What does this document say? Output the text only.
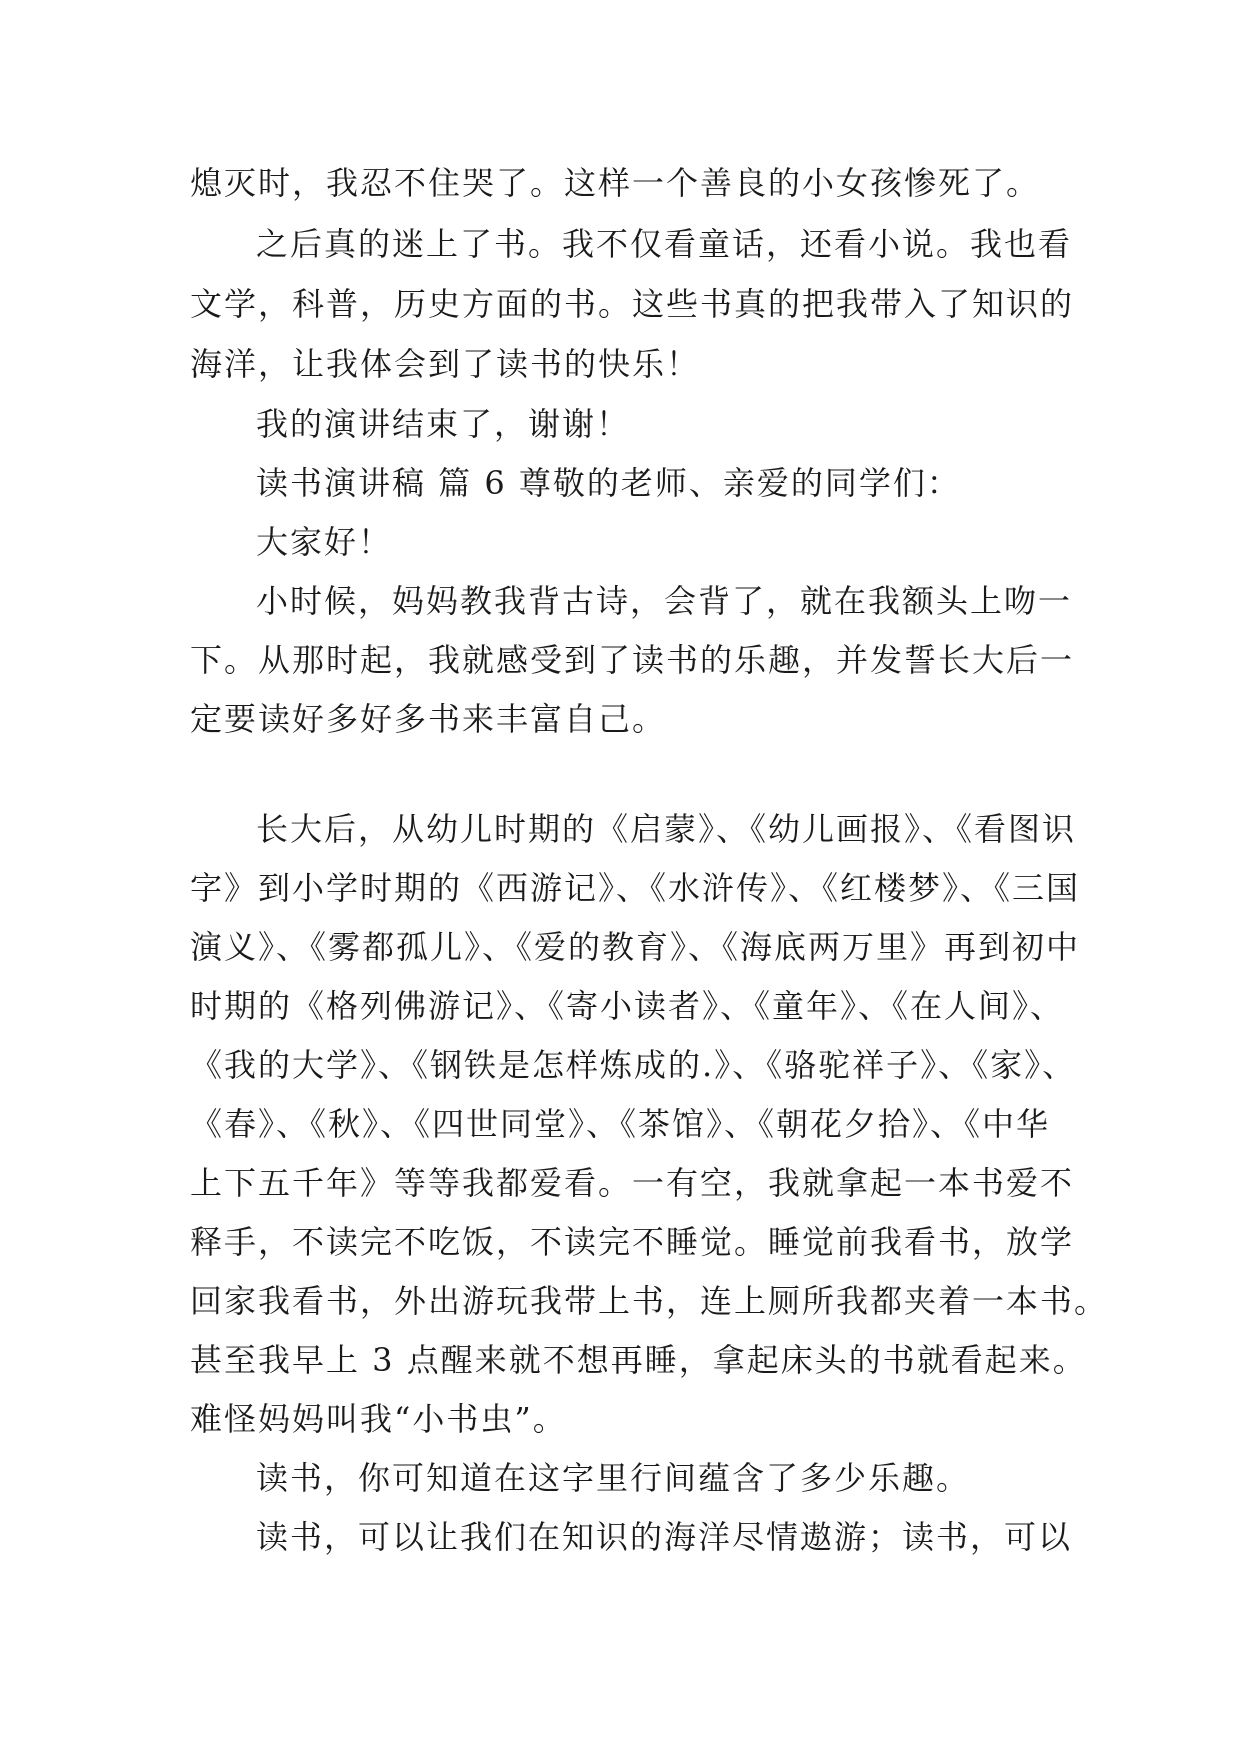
熄灭时，我忍不住哭了。这样一个善良的小女孩惨死了。
之后真的迷上了书。我不仅看童话，还看小说。我也看
文学，科普，历史方面的书。这些书真的把我带入了知识的
海洋，让我体会到了读书的快乐！
我的演讲结束了，谢谢！
读书演讲稿 篇 6 尊敬的老师、亲爱的同学们：
大家好！
小时候，妈妈教我背古诗，会背了，就在我额头上吻一
下。从那时起，我就感受到了读书的乐趣，并发誓长大后一
定要读好多好多书来丰富自己。
长大后，从幼儿时期的《启蒙》、《幼儿画报》、《看图识
字》到小学时期的《西游记》、《水浒传》、《红楼梦》、《三国
演义》、《雾都孤儿》、《爱的教育》、《海底两万里》再到初中
时期的《格列佛游记》、《寄小读者》、《童年》、《在人间》、
《我的大学》、《钢铁是怎样炼成的.》、《骆驼祥子》、《家》、
《春》、《秋》、《四世同堂》、《茶馆》、《朝花夕拾》、《中华
上下五千年》等等我都爱看。一有空，我就拿起一本书爱不
释手，不读完不吃饭，不读完不睡觉。睡觉前我看书，放学
回家我看书，外出游玩我带上书，连上厕所我都夹着一本书。
甚至我早上 3 点醒来就不想再睡，拿起床头的书就看起来。
难怪妈妈叫我“小书虫”。
读书，你可知道在这字里行间蕴含了多少乐趣。
读书，可以让我们在知识的海洋尽情遨游；读书，可以
